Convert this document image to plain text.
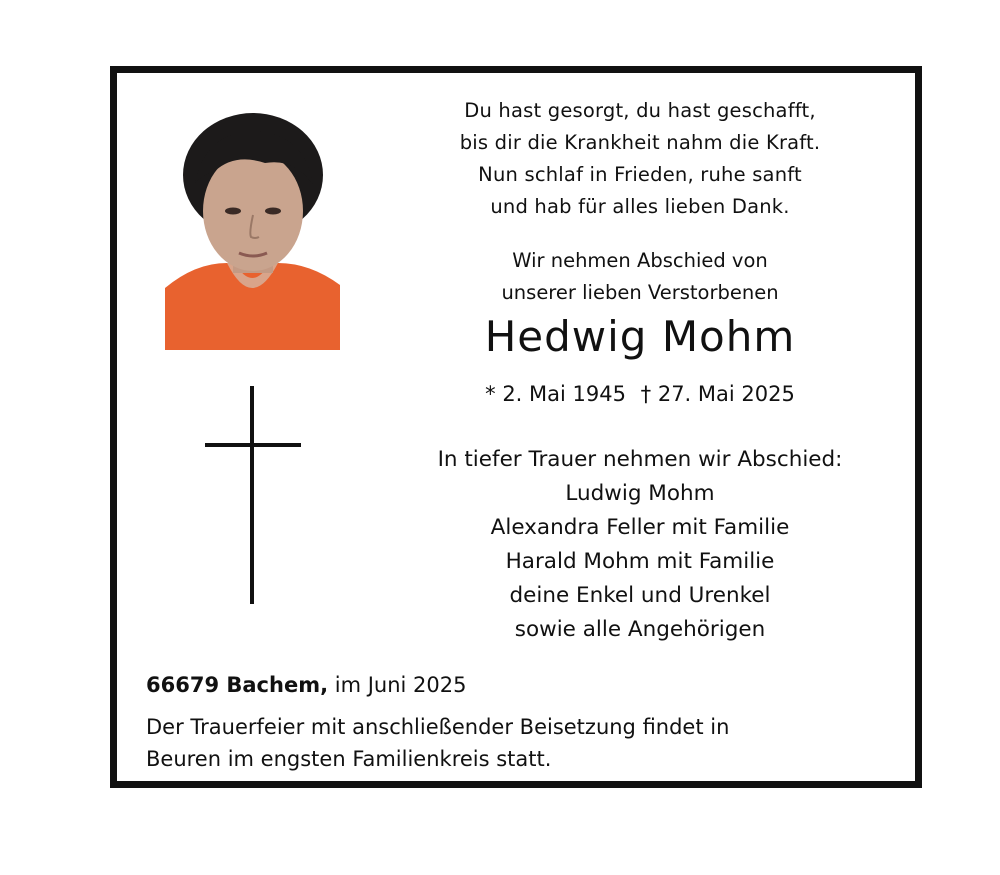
Du hast gesorgt, du hast geschafft,
bis dir die Krankheit nahm die Kraft.
Nun schlaf in Frieden, ruhe sanft
und hab für alles lieben Dank.
Wir nehmen Abschied von
unserer lieben Verstorbenen
Hedwig Mohm
* 2. Mai 1945 † 27. Mai 2025
In tiefer Trauer nehmen wir Abschied:
Ludwig Mohm
Alexandra Feller mit Familie
Harald Mohm mit Familie
deine Enkel und Urenkel
sowie alle Angehörigen
66679 Bachem, im Juni 2025
Der Trauerfeier mit anschließender Beisetzung findet in
Beuren im engsten Familienkreis statt.
